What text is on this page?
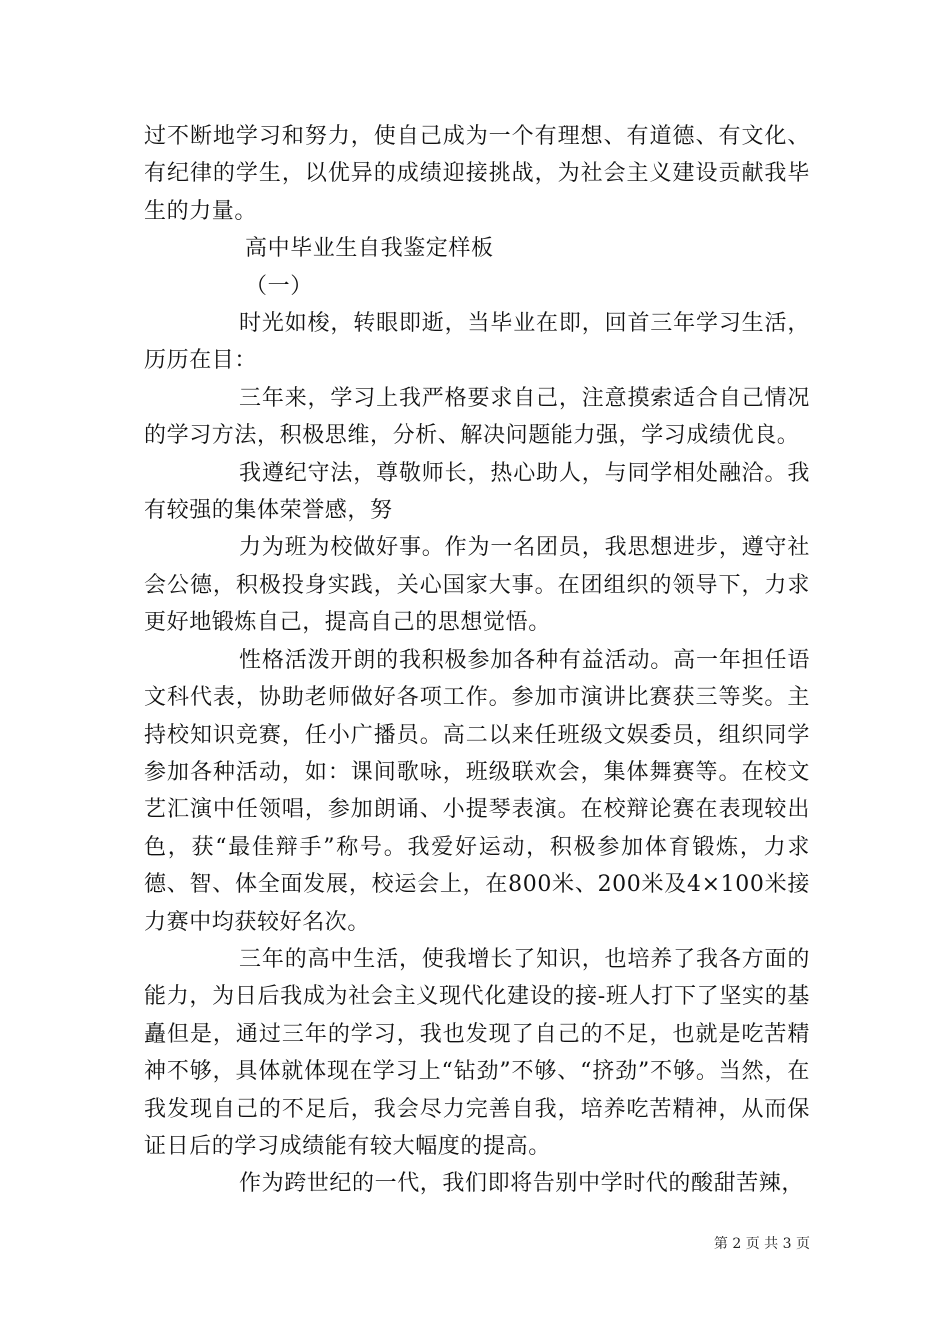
过不断地学习和努力，使自己成为一个有理想、有道德、有文化、有纪律的学生，以优异的成绩迎接挑战，为社会主义建设贡献我毕生的力量。

高中毕业生自我鉴定样板

（一）

时光如梭，转眼即逝，当毕业在即，回首三年学习生活，历历在目：

三年来，学习上我严格要求自己，注意摸索适合自己情况的学习方法，积极思维，分析、解决问题能力强，学习成绩优良。

我遵纪守法，尊敬师长，热心助人，与同学相处融洽。我有较强的集体荣誉感，努

力为班为校做好事。作为一名团员，我思想进步，遵守社会公德，积极投身实践，关心国家大事。在团组织的领导下，力求更好地锻炼自己，提高自己的思想觉悟。

性格活泼开朗的我积极参加各种有益活动。高一年担任语文科代表，协助老师做好各项工作。参加市演讲比赛获三等奖。主持校知识竞赛，任小广播员。高二以来任班级文娱委员，组织同学参加各种活动，如：课间歌咏，班级联欢会，集体舞赛等。在校文艺汇演中任领唱，参加朗诵、小提琴表演。在校辩论赛在表现较出色，获“最佳辩手”称号。我爱好运动，积极参加体育锻炼，力求德、智、体全面发展，校运会上，在800米、200米及4×100米接力赛中均获较好名次。

三年的高中生活，使我增长了知识，也培养了我各方面的能力，为日后我成为社会主义现代化建设的接-班人打下了坚实的基矗但是，通过三年的学习，我也发现了自己的不足，也就是吃苦精神不够，具体就体现在学习上“钻劲”不够、“挤劲”不够。当然，在我发现自己的不足后，我会尽力完善自我，培养吃苦精神，从而保证日后的学习成绩能有较大幅度的提高。

作为跨世纪的一代，我们即将告别中学时代的酸甜苦辣，

第 2 页 共 3 页
